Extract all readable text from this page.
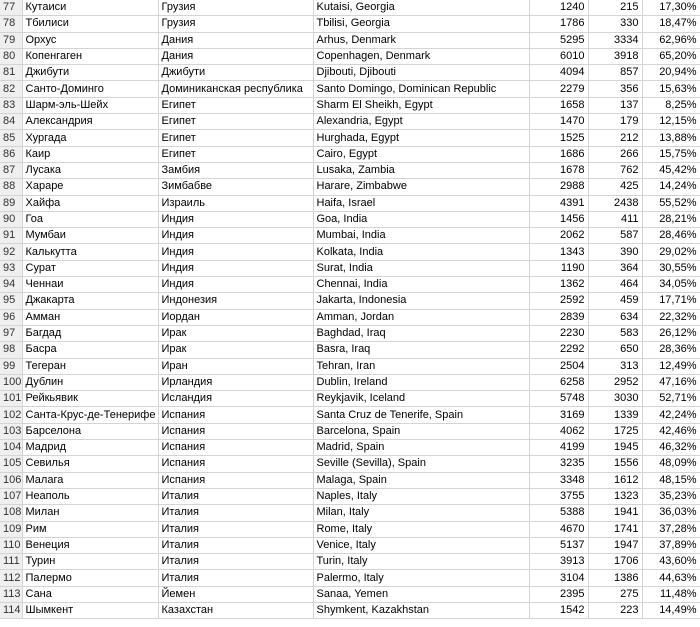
77	Кутаиси	Грузия	Kutaisi, Georgia	1240	215	17,30%
78	Тбилиси	Грузия	Tbilisi, Georgia	1786	330	18,47%
79	Орхус	Дания	Arhus, Denmark	5295	3334	62,96%
80	Копенгаген	Дания	Copenhagen, Denmark	6010	3918	65,20%
81	Джибути	Джибути	Djibouti, Djibouti	4094	857	20,94%
82	Санто-Доминго	Доминиканская республика	Santo Domingo, Dominican Republic	2279	356	15,63%
83	Шарм-эль-Шейх	Египет	Sharm El Sheikh, Egypt	1658	137	8,25%
84	Александрия	Египет	Alexandria, Egypt	1470	179	12,15%
85	Хургада	Египет	Hurghada, Egypt	1525	212	13,88%
86	Каир	Египет	Cairo, Egypt	1686	266	15,75%
87	Лусака	Замбия	Lusaka, Zambia	1678	762	45,42%
88	Хараре	Зимбабве	Harare, Zimbabwe	2988	425	14,24%
89	Хайфа	Израиль	Haifa, Israel	4391	2438	55,52%
90	Гоа	Индия	Goa, India	1456	411	28,21%
91	Мумбаи	Индия	Mumbai, India	2062	587	28,46%
92	Калькутта	Индия	Kolkata, India	1343	390	29,02%
93	Сурат	Индия	Surat, India	1190	364	30,55%
94	Ченнаи	Индия	Chennai, India	1362	464	34,05%
95	Джакарта	Индонезия	Jakarta, Indonesia	2592	459	17,71%
96	Амман	Иордан	Amman, Jordan	2839	634	22,32%
97	Багдад	Ирак	Baghdad, Iraq	2230	583	26,12%
98	Басра	Ирак	Basra, Iraq	2292	650	28,36%
99	Тегеран	Иран	Tehran, Iran	2504	313	12,49%
100	Дублин	Ирландия	Dublin, Ireland	6258	2952	47,16%
101	Рейкьявик	Исландия	Reykjavik, Iceland	5748	3030	52,71%
102	Санта-Крус-де-Тенерифе	Испания	Santa Cruz de Tenerife, Spain	3169	1339	42,24%
103	Барселона	Испания	Barcelona, Spain	4062	1725	42,46%
104	Мадрид	Испания	Madrid, Spain	4199	1945	46,32%
105	Севилья	Испания	Seville (Sevilla), Spain	3235	1556	48,09%
106	Малага	Испания	Malaga, Spain	3348	1612	48,15%
107	Неаполь	Италия	Naples, Italy	3755	1323	35,23%
108	Милан	Италия	Milan, Italy	5388	1941	36,03%
109	Рим	Италия	Rome, Italy	4670	1741	37,28%
110	Венеция	Италия	Venice, Italy	5137	1947	37,89%
111	Турин	Италия	Turin, Italy	3913	1706	43,60%
112	Палермо	Италия	Palermo, Italy	3104	1386	44,63%
113	Сана	Йемен	Sanaa, Yemen	2395	275	11,48%
114	Шымкент	Казахстан	Shymkent, Kazakhstan	1542	223	14,49%
